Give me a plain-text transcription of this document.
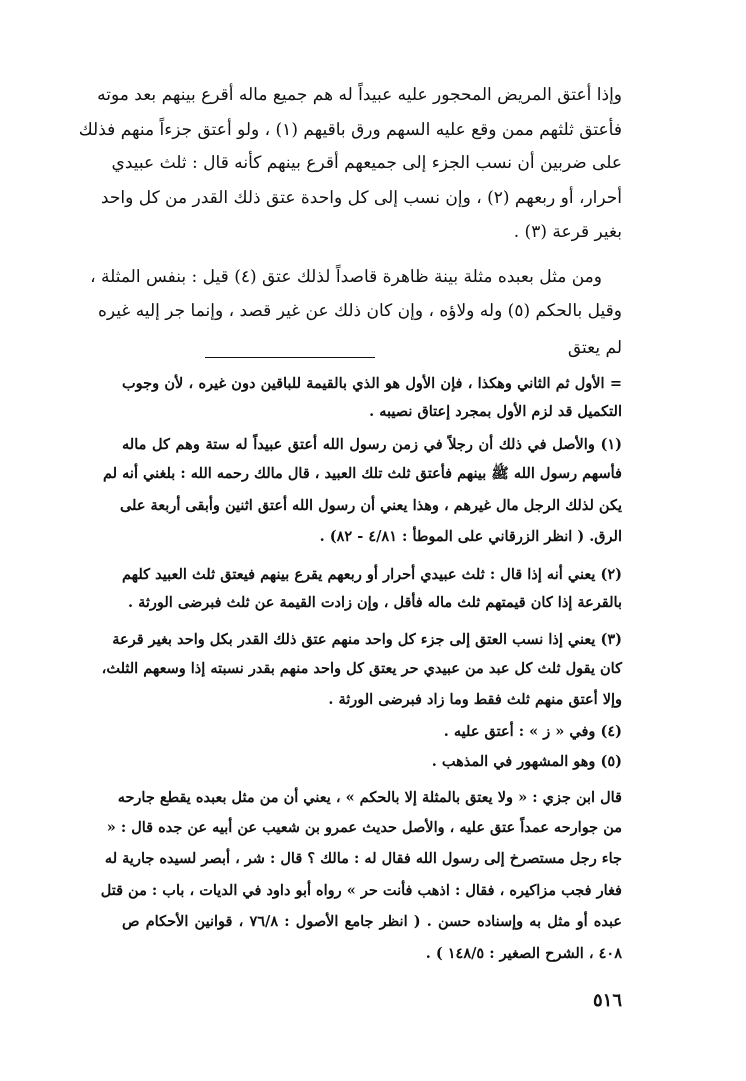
وإذا أعتق المريض المحجور عليه عبيداً له هم جميع ماله أقرع بينهم بعد موته
فأعتق ثلثهم ممن وقع عليه السهم ورق باقيهم (١) ، ولو أعتق جزءاً منهم فذلك
على ضربين أن نسب الجزء إلى جميعهم أقرع بينهم كأنه قال : ثلث عبيدي
أحرار، أو ربعهم (٢) ، وإن نسب إلى كل واحدة عتق ذلك القدر من كل واحد
بغير قرعة (٣) .
ومن مثل بعبده مثلة بينة ظاهرة قاصداً لذلك عتق (٤) قيل : بنفس المثلة ،
وقيل بالحكم (٥) وله ولاؤه ، وإن كان ذلك عن غير قصد ، وإنما جر إليه غيره
لم يعتق
= الأول ثم الثاني وهكذا ، فإن الأول هو الذي بالقيمة للباقين دون غيره ، لأن وجوب
التكميل قد لزم الأول بمجرد إعتاق نصيبه .
(١) والأصل في ذلك أن رجلاً في زمن رسول الله أعتق عبيداً له ستة وهم كل ماله
فأسهم رسول الله ﷺ بينهم فأعتق ثلث تلك العبيد ، قال مالك رحمه الله : بلغني أنه لم
يكن لذلك الرجل مال غيرهم ، وهذا يعني أن رسول الله أعتق اثنين وأبقى أربعة على
الرق. ( انظر الزرقاني على الموطأ : ٤/٨١ - ٨٢) .
(٢) يعني أنه إذا قال : ثلث عبيدي أحرار أو ربعهم يقرع بينهم فيعتق ثلث العبيد كلهم
بالقرعة إذا كان قيمتهم ثلث ماله فأقل ، وإن زادت القيمة عن ثلث فبرضى الورثة .
(٣) يعني إذا نسب العتق إلى جزء كل واحد منهم عتق ذلك القدر بكل واحد بغير قرعة
كان يقول ثلث كل عبد من عبيدي حر يعتق كل واحد منهم بقدر نسبته إذا وسعهم الثلث،
وإلا أعتق منهم ثلث فقط وما زاد فبرضى الورثة .
(٤) وفي « ز » : أعتق عليه .
(٥) وهو المشهور في المذهب .
قال ابن جزي : « ولا يعتق بالمثلة إلا بالحكم » ، يعني أن من مثل بعبده يقطع جارحه
من جوارحه عمداً عتق عليه ، والأصل حديث عمرو بن شعيب عن أبيه عن جده قال : «
جاء رجل مستصرخ إلى رسول الله فقال له : مالك ؟ قال : شر ، أبصر لسيده جارية له
فغار فجب مزاكيره ، فقال : اذهب فأنت حر » رواه أبو داود في الديات ، باب : من قتل
عبده أو مثل به وإسناده حسن . ( انظر جامع الأصول : ٧٦/٨ ، قوانين الأحكام ص
٤٠٨ ، الشرح الصغير : ١٤٨/٥ ) .
٥١٦
